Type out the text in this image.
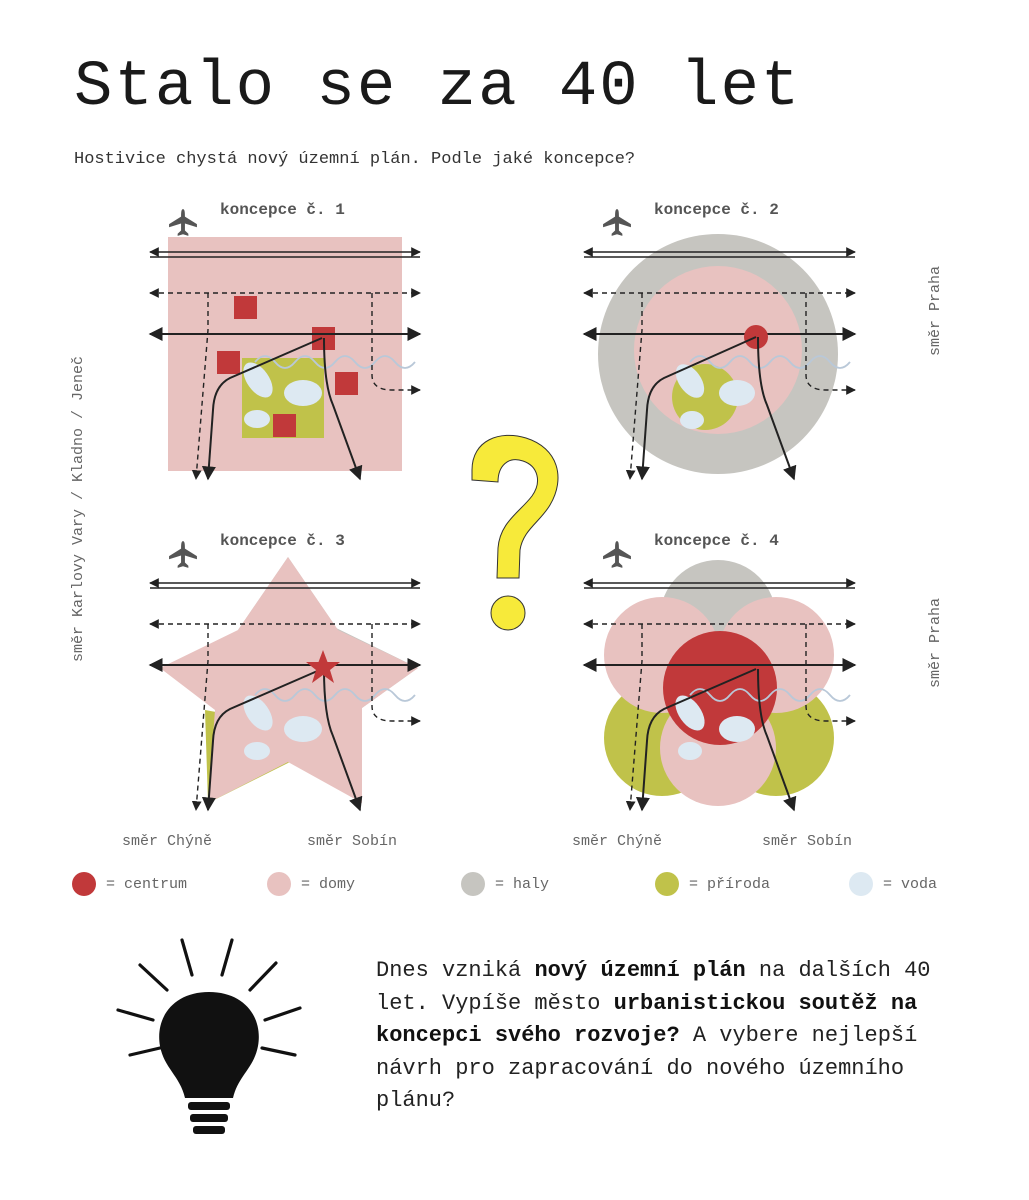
Stalo se za 40 let
Hostivice chystá nový územní plán. Podle jaké koncepce?
koncepce č. 1	koncepce č. 2
koncepce č. 3	koncepce č. 4
směr Chýně	směr Sobín	směr Chýně	směr Sobín
směr Karlovy Vary / Kladno / Jeneč
směr Praha
směr Praha
= centrum	= domy	= haly	= příroda	= voda
Dnes vzniká nový územní plán na dalších 40 let. Vypíše město urbanistickou soutěž na koncepci svého rozvoje? A vybere nejlepší návrh pro zapracování do nového územního plánu?
